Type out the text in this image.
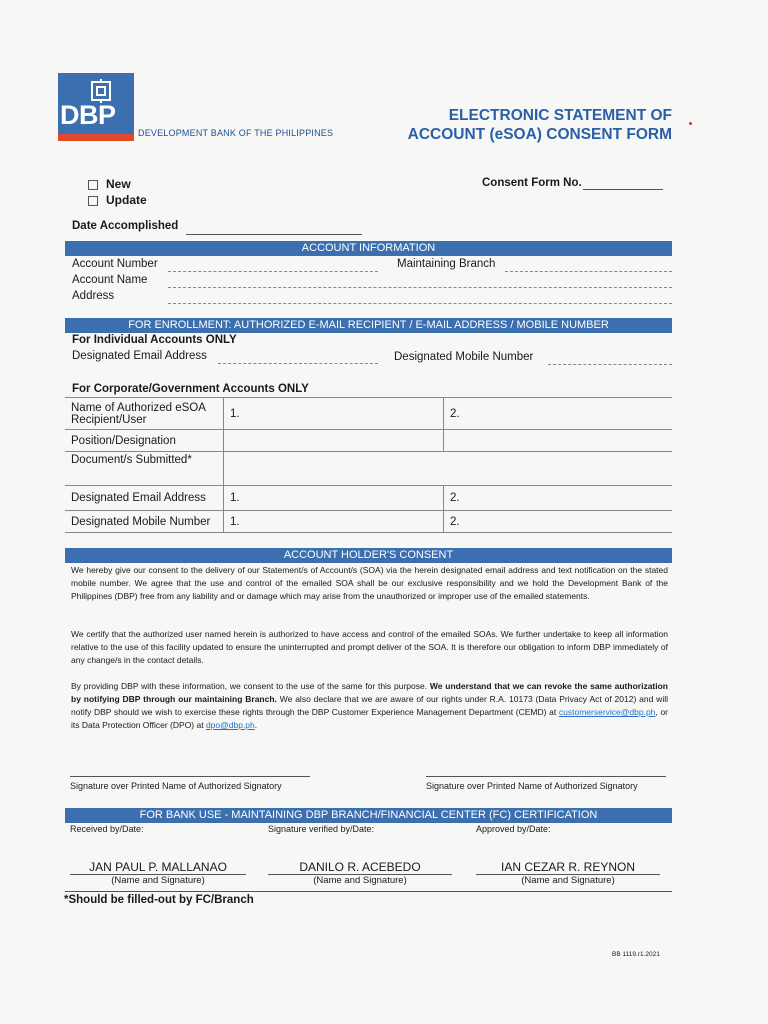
DBP
DEVELOPMENT BANK OF THE PHILIPPINES
ELECTRONIC STATEMENT OF
ACCOUNT (eSOA) CONSENT FORM
New
Update
Consent Form No.
Date Accomplished
ACCOUNT INFORMATION
Account Number	Maintaining Branch
Account Name
Address
FOR ENROLLMENT: AUTHORIZED E-MAIL RECIPIENT / E-MAIL ADDRESS / MOBILE NUMBER
For Individual Accounts ONLY
Designated Email Address	Designated Mobile Number
For Corporate/Government Accounts ONLY
Name of Authorized eSOA Recipient/User	1.	2.
Position/Designation		
Document/s Submitted*		
Designated Email Address	1.	2.
Designated Mobile Number	1.	2.
ACCOUNT HOLDER'S CONSENT
We hereby give our consent to the delivery of our Statement/s of Account/s (SOA) via the herein designated email address and text notification on the stated mobile number. We agree that the use and control of the emailed SOA shall be our exclusive responsibility and we hold the Development Bank of the Philippines (DBP) free from any liability and or damage which may arise from the unauthorized or improper use of the emailed statements.
We certify that the authorized user named herein is authorized to have access and control of the emailed SOAs. We further undertake to keep all information relative to the use of this facility updated to ensure the uninterrupted and prompt deliver of the SOA. It is therefore our obligation to inform DBP immediately of any change/s in the contact details.
By providing DBP with these information, we consent to the use of the same for this purpose. We understand that we can revoke the same authorization by notifying DBP through our maintaining Branch. We also declare that we are aware of our rights under R.A. 10173 (Data Privacy Act of 2012) and will notify DBP should we wish to exercise these rights through the DBP Customer Experience Management Department (CEMD) at customerservice@dbp.ph, or its Data Protection Officer (DPO) at dpo@dbp.ph.
Signature over Printed Name of Authorized Signatory	Signature over Printed Name of Authorized Signatory
FOR BANK USE - MAINTAINING DBP BRANCH/FINANCIAL CENTER (FC) CERTIFICATION
Received by/Date:	Signature verified by/Date:	Approved by/Date:
JAN PAUL P. MALLANAO
(Name and Signature)
DANILO R. ACEBEDO
(Name and Signature)
IAN CEZAR R. REYNON
(Name and Signature)
*Should be filled-out by FC/Branch
BB 1119.r1.2021
